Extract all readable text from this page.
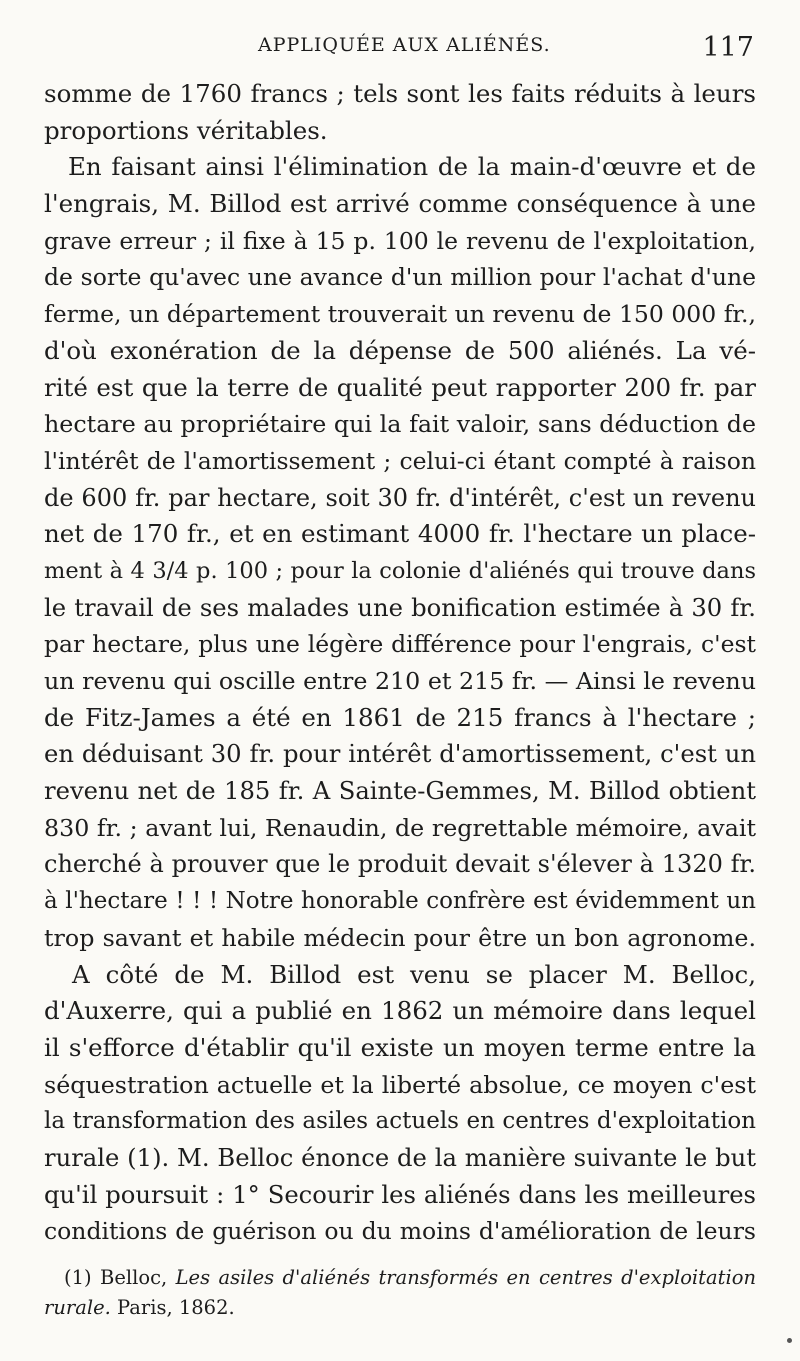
APPLIQUÉE AUX ALIÉNÉS.	117
somme de 1760 francs ; tels sont les faits réduits à leurs
proportions véritables.
En faisant ainsi l'élimination de la main-d'œuvre et de
l'engrais, M. Billod est arrivé comme conséquence à une
grave erreur ; il fixe à 15 p. 100 le revenu de l'exploitation,
de sorte qu'avec une avance d'un million pour l'achat d'une
ferme, un département trouverait un revenu de 150 000 fr.,
d'où exonération de la dépense de 500 aliénés. La vé-
rité est que la terre de qualité peut rapporter 200 fr. par
hectare au propriétaire qui la fait valoir, sans déduction de
l'intérêt de l'amortissement ; celui-ci étant compté à raison
de 600 fr. par hectare, soit 30 fr. d'intérêt, c'est un revenu
net de 170 fr., et en estimant 4000 fr. l'hectare un place-
ment à 4 3/4 p. 100 ; pour la colonie d'aliénés qui trouve dans
le travail de ses malades une bonification estimée à 30 fr.
par hectare, plus une légère différence pour l'engrais, c'est
un revenu qui oscille entre 210 et 215 fr. — Ainsi le revenu
de Fitz-James a été en 1861 de 215 francs à l'hectare ;
en déduisant 30 fr. pour intérêt d'amortissement, c'est un
revenu net de 185 fr. A Sainte-Gemmes, M. Billod obtient
830 fr. ; avant lui, Renaudin, de regrettable mémoire, avait
cherché à prouver que le produit devait s'élever à 1320 fr.
à l'hectare ! ! ! Notre honorable confrère est évidemment un
trop savant et habile médecin pour être un bon agronome.
A côté de M. Billod est venu se placer M. Belloc,
d'Auxerre, qui a publié en 1862 un mémoire dans lequel
il s'efforce d'établir qu'il existe un moyen terme entre la
séquestration actuelle et la liberté absolue, ce moyen c'est
la transformation des asiles actuels en centres d'exploitation
rurale (1). M. Belloc énonce de la manière suivante le but
qu'il poursuit : 1° Secourir les aliénés dans les meilleures
conditions de guérison ou du moins d'amélioration de leurs
(1) Belloc, Les asiles d'aliénés transformés en centres d'exploitation
rurale. Paris, 1862.
